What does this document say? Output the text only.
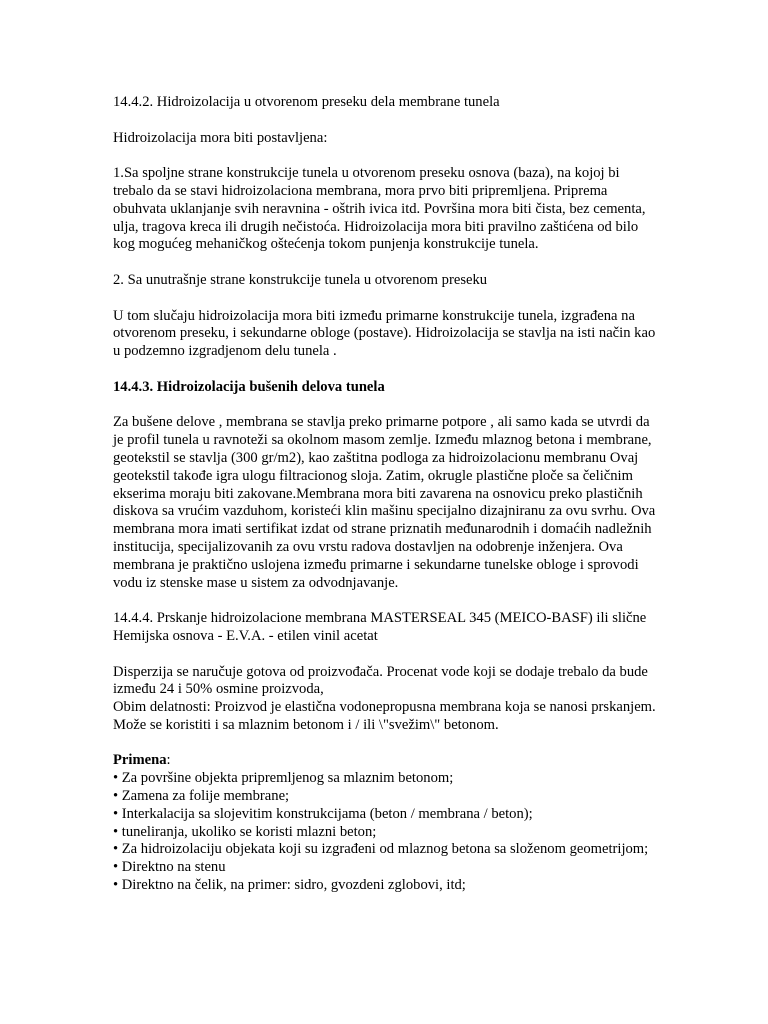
14.4.2. Hidroizolacija u otvorenom preseku dela membrane tunela

Hidroizolacija mora biti postavljena:

1.Sa spoljne strane konstrukcije tunela u otvorenom preseku osnova (baza), na kojoj bi trebalo da se stavi hidroizolaciona membrana, mora prvo biti pripremljena. Priprema obuhvata uklanjanje svih neravnina - oštrih ivica itd. Površina mora biti čista, bez cementa, ulja, tragova kreca ili drugih nečistoća. Hidroizolacija mora biti pravilno zaštićena od bilo kog mogućeg mehaničkog oštećenja tokom punjenja konstrukcije tunela.

2. Sa unutrašnje strane konstrukcije tunela u otvorenom preseku

U tom slučaju hidroizolacija mora biti između primarne konstrukcije tunela, izgrađena na otvorenom preseku, i sekundarne obloge (postave). Hidroizolacija se stavlja na isti način kao u podzemno izgradjenom delu tunela .

14.4.3. Hidroizolacija bušenih delova tunela

Za bušene delove , membrana se stavlja preko primarne potpore , ali samo kada se utvrdi da je profil tunela u ravnoteži sa okolnom masom zemlje. Između mlaznog betona i membrane, geotekstil se stavlja (300 gr/m2), kao zaštitna podloga za hidroizolacionu membranu Ovaj geotekstil takođe igra ulogu filtracionog sloja. Zatim, okrugle plastične ploče sa čeličnim ekserima moraju biti zakovane.Membrana mora biti zavarena na osnovicu preko plastičnih diskova sa vrućim vazduhom, koristeći klin mašinu specijalno dizajniranu za ovu svrhu. Ova membrana mora imati sertifikat izdat od strane priznatih međunarodnih i domaćih nadležnih institucija, specijalizovanih za ovu vrstu radova dostavljen na odobrenje inženjera. Ova membrana je praktično uslojena između primarne i sekundarne tunelske obloge i sprovodi vodu iz stenske mase u sistem za odvodnjavanje.

14.4.4. Prskanje hidroizolacione membrana MASTERSEAL 345 (MEICO-BASF) ili slične

Hemijska osnova - E.V.A. - etilen vinil acetat

Disperzija se naručuje gotova od proizvođača. Procenat vode koji se dodaje trebalo da bude između 24 i 50% osmine proizvoda,

Obim delatnosti: Proizvod je elastična vodonepropusna membrana koja se nanosi prskanjem. Može se koristiti i sa mlaznim betonom i / ili \"svežim\" betonom.

Primena:

• Za površine objekta pripremljenog sa mlaznim betonom;
• Zamena za folije membrane;
• Interkalacija sa slojevitim konstrukcijama (beton / membrana / beton);
• tuneliranja, ukoliko se koristi mlazni beton;
• Za hidroizolaciju objekata koji su izgrađeni od mlaznog betona sa složenom geometrijom;
• Direktno na stenu
• Direktno na čelik, na primer: sidro, gvozdeni zglobovi, itd;
